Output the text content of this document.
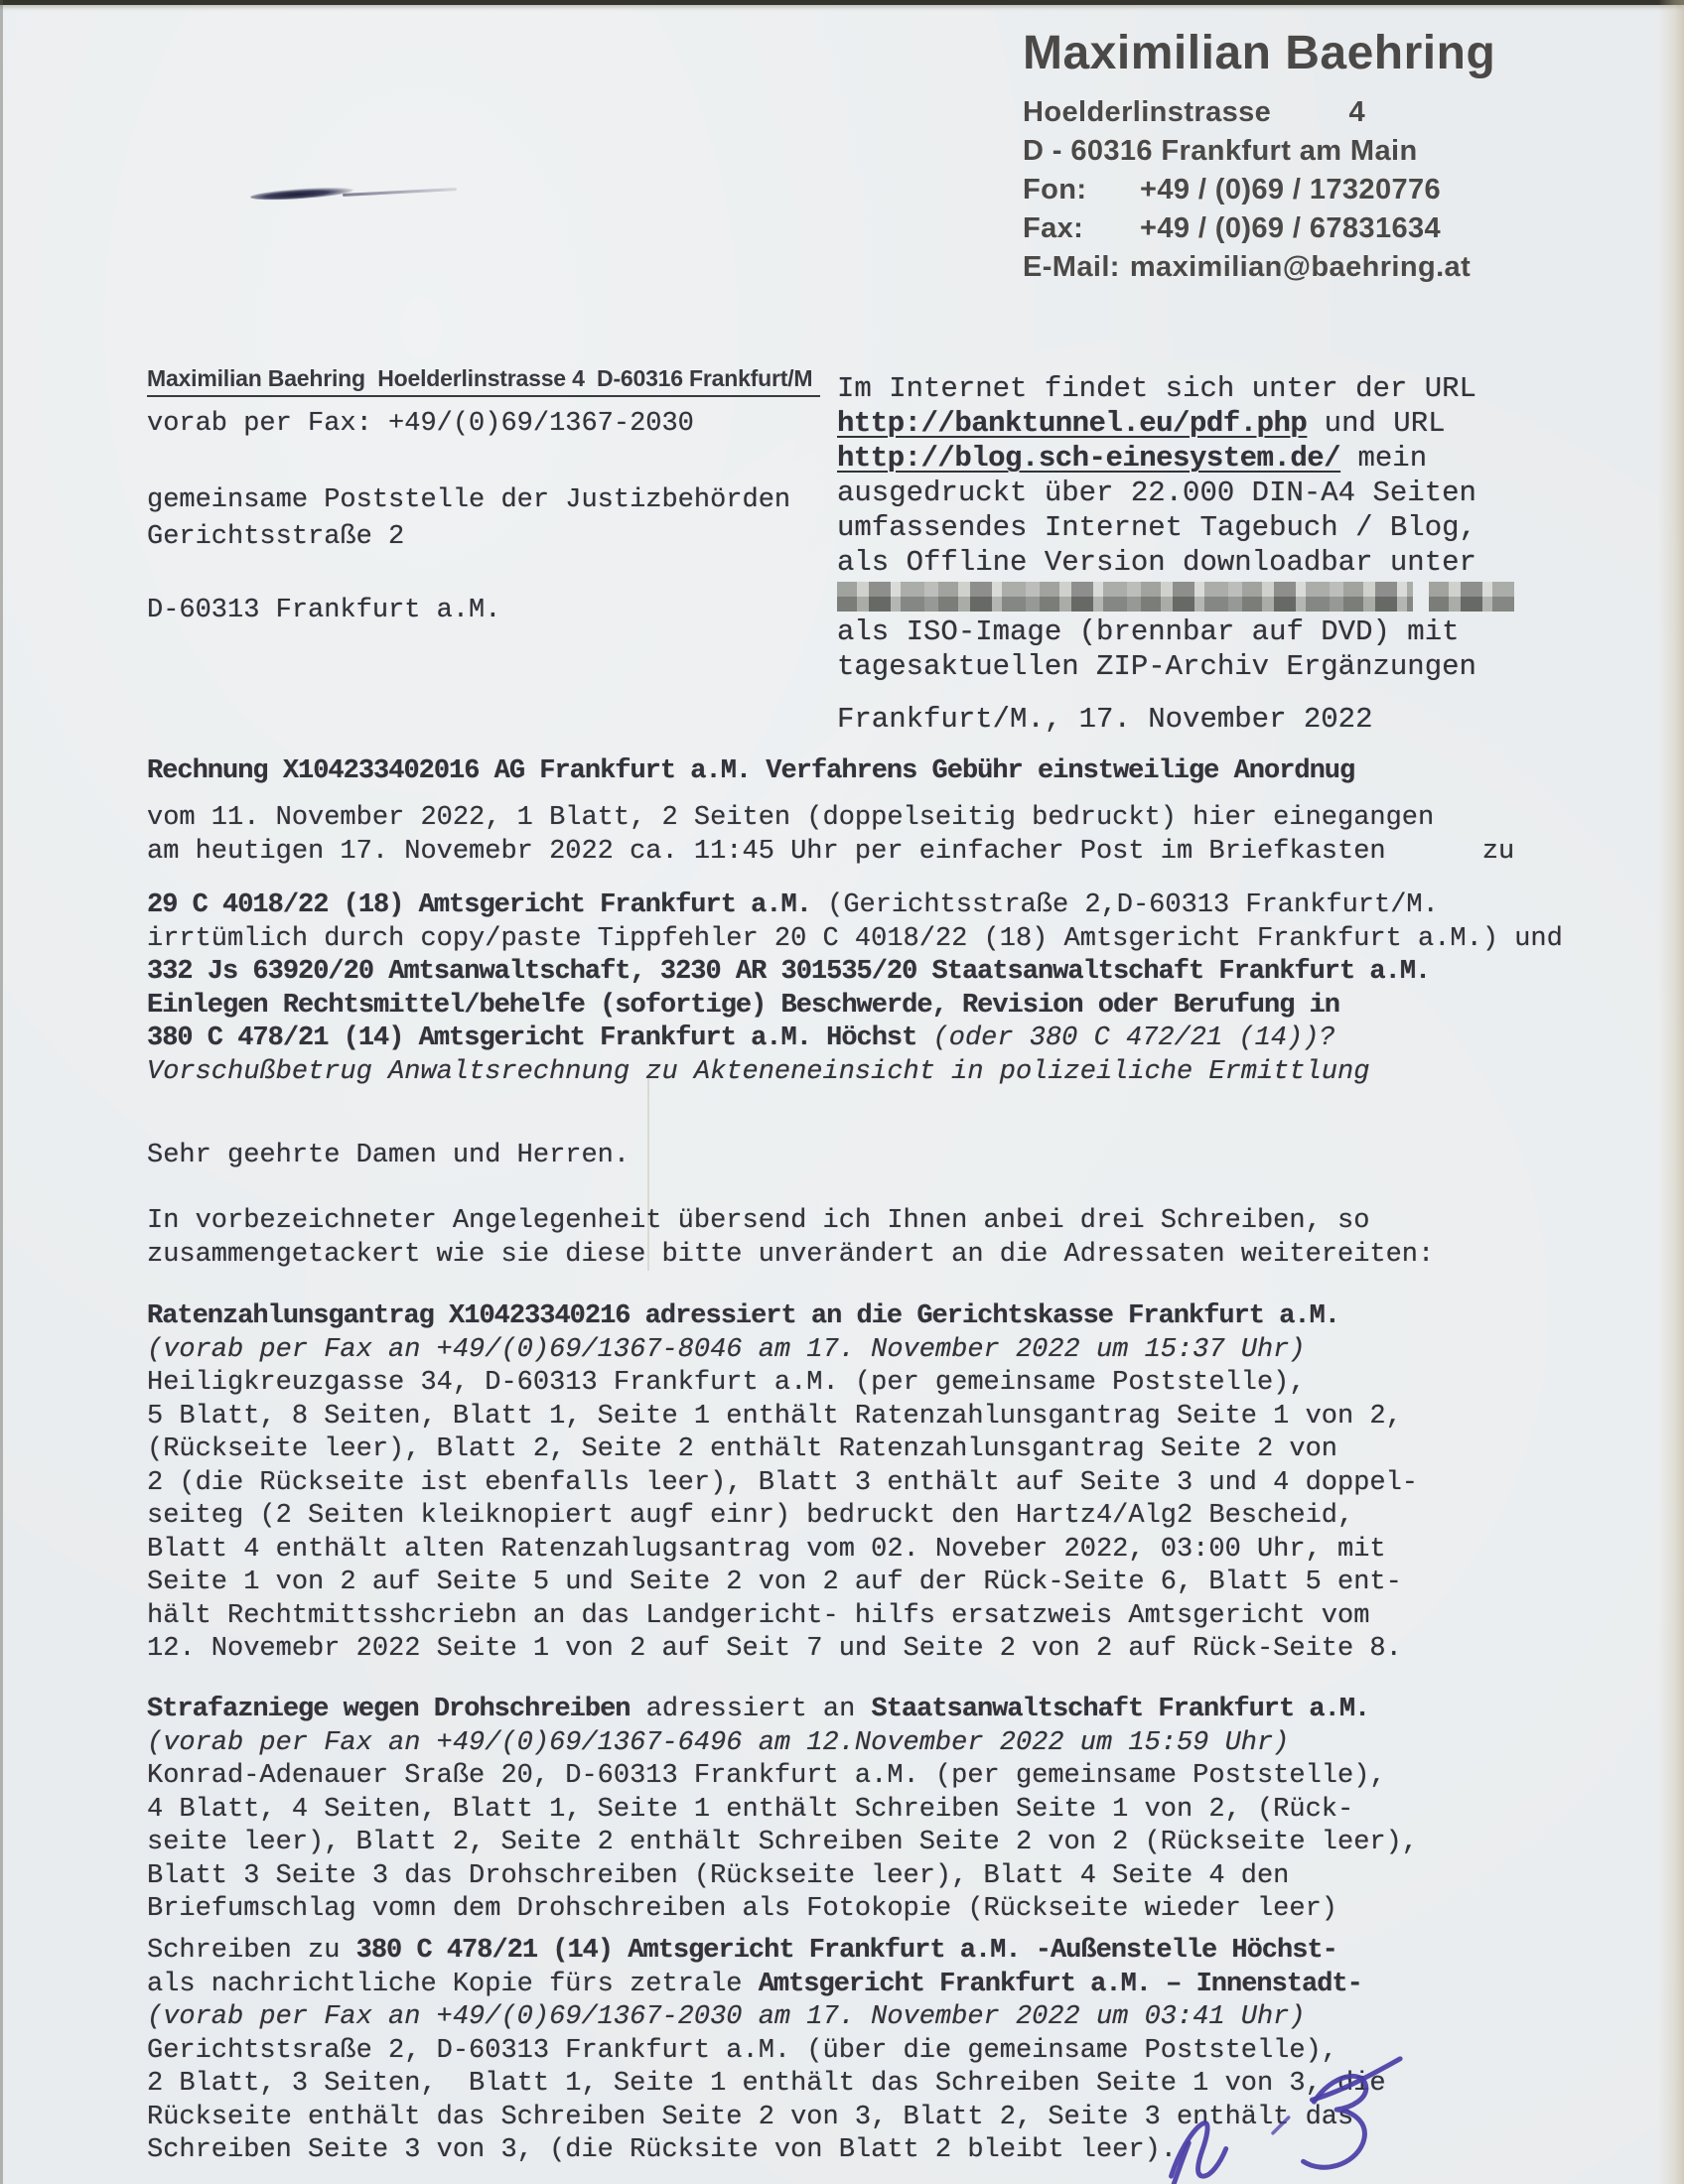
Maximilian Baehring
Hoelderlinstrasse	4
D - 60316 Frankfurt am Main
Fon:	+49 / (0)69 / 17320776
Fax:	+49 / (0)69 / 67831634
E-Mail: maximilian@baehring.at
Maximilian Baehring  Hoelderlinstrasse 4  D-60316 Frankfurt/M
vorab per Fax: +49/(0)69/1367-2030
gemeinsame Poststelle der Justizbehörden
Gerichtsstraße 2
D-60313 Frankfurt a.M.
Im Internet findet sich unter der URL
http://banktunnel.eu/pdf.php und URL
http://blog.sch-einesystem.de/ mein
ausgedruckt über 22.000 DIN-A4 Seiten
umfassendes Internet Tagebuch / Blog,
als Offline Version downloadbar unter
als ISO-Image (brennbar auf DVD) mit
tagesaktuellen ZIP-Archiv Ergänzungen
Frankfurt/M., 17. November 2022
Rechnung X104233402016 AG Frankfurt a.M. Verfahrens Gebühr einstweilige Anordnug
vom 11. November 2022, 1 Blatt, 2 Seiten (doppelseitig bedruckt) hier einegangen
am heutigen 17. Novemebr 2022 ca. 11:45 Uhr per einfacher Post im Briefkasten      zu
29 C 4018/22 (18) Amtsgericht Frankfurt a.M. (Gerichtsstraße 2,D-60313 Frankfurt/M.
irrtümlich durch copy/paste Tippfehler 20 C 4018/22 (18) Amtsgericht Frankfurt a.M.) und
332 Js 63920/20 Amtsanwaltschaft, 3230 AR 301535/20 Staatsanwaltschaft Frankfurt a.M.
Einlegen Rechtsmittel/behelfe (sofortige) Beschwerde, Revision oder Berufung in
380 C 478/21 (14) Amtsgericht Frankfurt a.M. Höchst (oder 380 C 472/21 (14))?
Vorschußbetrug Anwaltsrechnung zu Akteneneinsicht in polizeiliche Ermittlung
Sehr geehrte Damen und Herren.
In vorbezeichneter Angelegenheit übersend ich Ihnen anbei drei Schreiben, so
zusammengetackert wie sie diese bitte unverändert an die Adressaten weitereiten:
Ratenzahlunsgantrag X10423340216 adressiert an die Gerichtskasse Frankfurt a.M.
(vorab per Fax an +49/(0)69/1367-8046 am 17. November 2022 um 15:37 Uhr)
Heiligkreuzgasse 34, D-60313 Frankfurt a.M. (per gemeinsame Poststelle),
5 Blatt, 8 Seiten, Blatt 1, Seite 1 enthält Ratenzahlunsgantrag Seite 1 von 2,
(Rückseite leer), Blatt 2, Seite 2 enthält Ratenzahlunsgantrag Seite 2 von
2 (die Rückseite ist ebenfalls leer), Blatt 3 enthält auf Seite 3 und 4 doppel-
seiteg (2 Seiten kleiknopiert augf einr) bedruckt den Hartz4/Alg2 Bescheid,
Blatt 4 enthält alten Ratenzahlugsantrag vom 02. Noveber 2022, 03:00 Uhr, mit
Seite 1 von 2 auf Seite 5 und Seite 2 von 2 auf der Rück-Seite 6, Blatt 5 ent-
hält Rechtmittsshcriebn an das Landgericht- hilfs ersatzweis Amtsgericht vom
12. Novemebr 2022 Seite 1 von 2 auf Seit 7 und Seite 2 von 2 auf Rück-Seite 8.
Strafazniege wegen Drohschreiben adressiert an Staatsanwaltschaft Frankfurt a.M.
(vorab per Fax an +49/(0)69/1367-6496 am 12.November 2022 um 15:59 Uhr)
Konrad-Adenauer Sraße 20, D-60313 Frankfurt a.M. (per gemeinsame Poststelle),
4 Blatt, 4 Seiten, Blatt 1, Seite 1 enthält Schreiben Seite 1 von 2, (Rück-
seite leer), Blatt 2, Seite 2 enthält Schreiben Seite 2 von 2 (Rückseite leer),
Blatt 3 Seite 3 das Drohschreiben (Rückseite leer), Blatt 4 Seite 4 den
Briefumschlag vomn dem Drohschreiben als Fotokopie (Rückseite wieder leer)
Schreiben zu 380 C 478/21 (14) Amtsgericht Frankfurt a.M. -Außenstelle Höchst-
als nachrichtliche Kopie fürs zetrale Amtsgericht Frankfurt a.M. – Innenstadt-
(vorab per Fax an +49/(0)69/1367-2030 am 17. November 2022 um 03:41 Uhr)
Gerichtstsraße 2, D-60313 Frankfurt a.M. (über die gemeinsame Poststelle),
2 Blatt, 3 Seiten,  Blatt 1, Seite 1 enthält das Schreiben Seite 1 von 3, die
Rückseite enthält das Schreiben Seite 2 von 3, Blatt 2, Seite 3 enthält das
Schreiben Seite 3 von 3, (die Rücksite von Blatt 2 bleibt leer).
